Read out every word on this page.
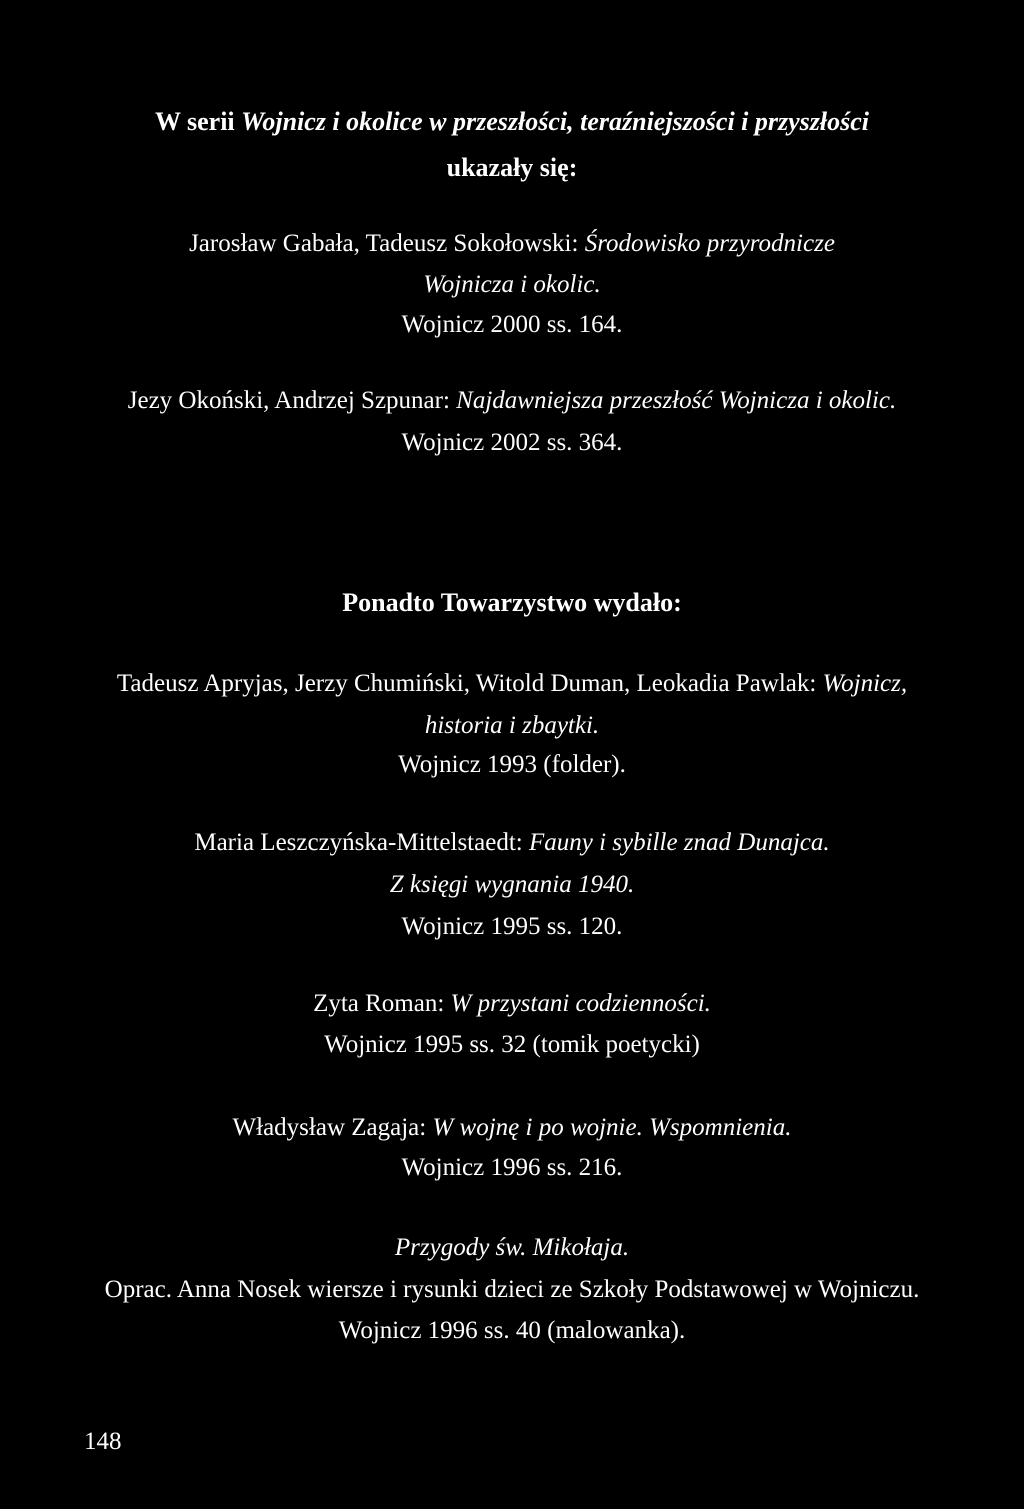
W serii Wojnicz i okolice w przeszłości, teraźniejszości i przyszłości
ukazały się:
Jarosław Gabała, Tadeusz Sokołowski: Środowisko przyrodnicze
Wojnicza i okolic.
Wojnicz 2000 ss. 164.
Jezy Okoński, Andrzej Szpunar: Najdawniejsza przeszłość Wojnicza i okolic.
Wojnicz 2002 ss. 364.
Ponadto Towarzystwo wydało:
Tadeusz Apryjas, Jerzy Chumiński, Witold Duman, Leokadia Pawlak: Wojnicz,
historia i zbaytki.
Wojnicz 1993 (folder).
Maria Leszczyńska-Mittelstaedt: Fauny i sybille znad Dunajca.
Z księgi wygnania 1940.
Wojnicz 1995 ss. 120.
Zyta Roman: W przystani codzienności.
Wojnicz 1995 ss. 32 (tomik poetycki)
Władysław Zagaja: W wojnę i po wojnie. Wspomnienia.
Wojnicz 1996 ss. 216.
Przygody św. Mikołaja.
Oprac. Anna Nosek wiersze i rysunki dzieci ze Szkoły Podstawowej w Wojniczu.
Wojnicz 1996 ss. 40 (malowanka).
148
